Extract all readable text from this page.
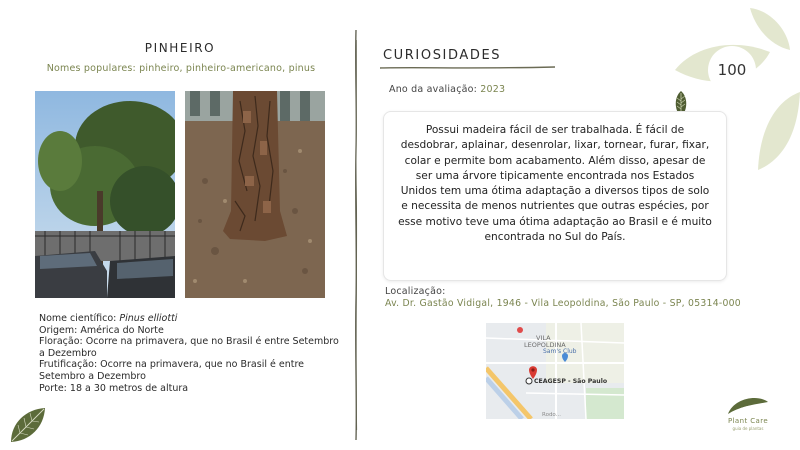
100
PINHEIRO
Nomes populares: pinheiro, pinheiro-americano, pinus
Nome científico: Pinus elliotti
Origem: América do Norte
Floração: Ocorre na primavera, que no Brasil é entre Setembro a Dezembro
Frutificação: Ocorre na primavera, que no Brasil é entre Setembro a Dezembro
Porte: 18 a 30 metros de altura
CURIOSIDADES
Ano da avaliação: 2023
Possui madeira fácil de ser trabalhada. É fácil de desdobrar, aplainar, desenrolar, lixar, tornear, furar, fixar, colar e permite bom acabamento. Além disso, apesar de ser uma árvore tipicamente encontrada nos Estados Unidos tem uma ótima adaptação a diversos tipos de solo e necessita de menos nutrientes que outras espécies, por esse motivo teve uma ótima adaptação ao Brasil e é muito encontrada no Sul do País.
Localização:
Av. Dr. Gastão Vidigal, 1946 - Vila Leopoldina, São Paulo - SP, 05314-000
VILA
LEOPOLDINA
Sam's Club
CEAGESP - São Paulo
Rodo...
Plant Care
guia de plantas
